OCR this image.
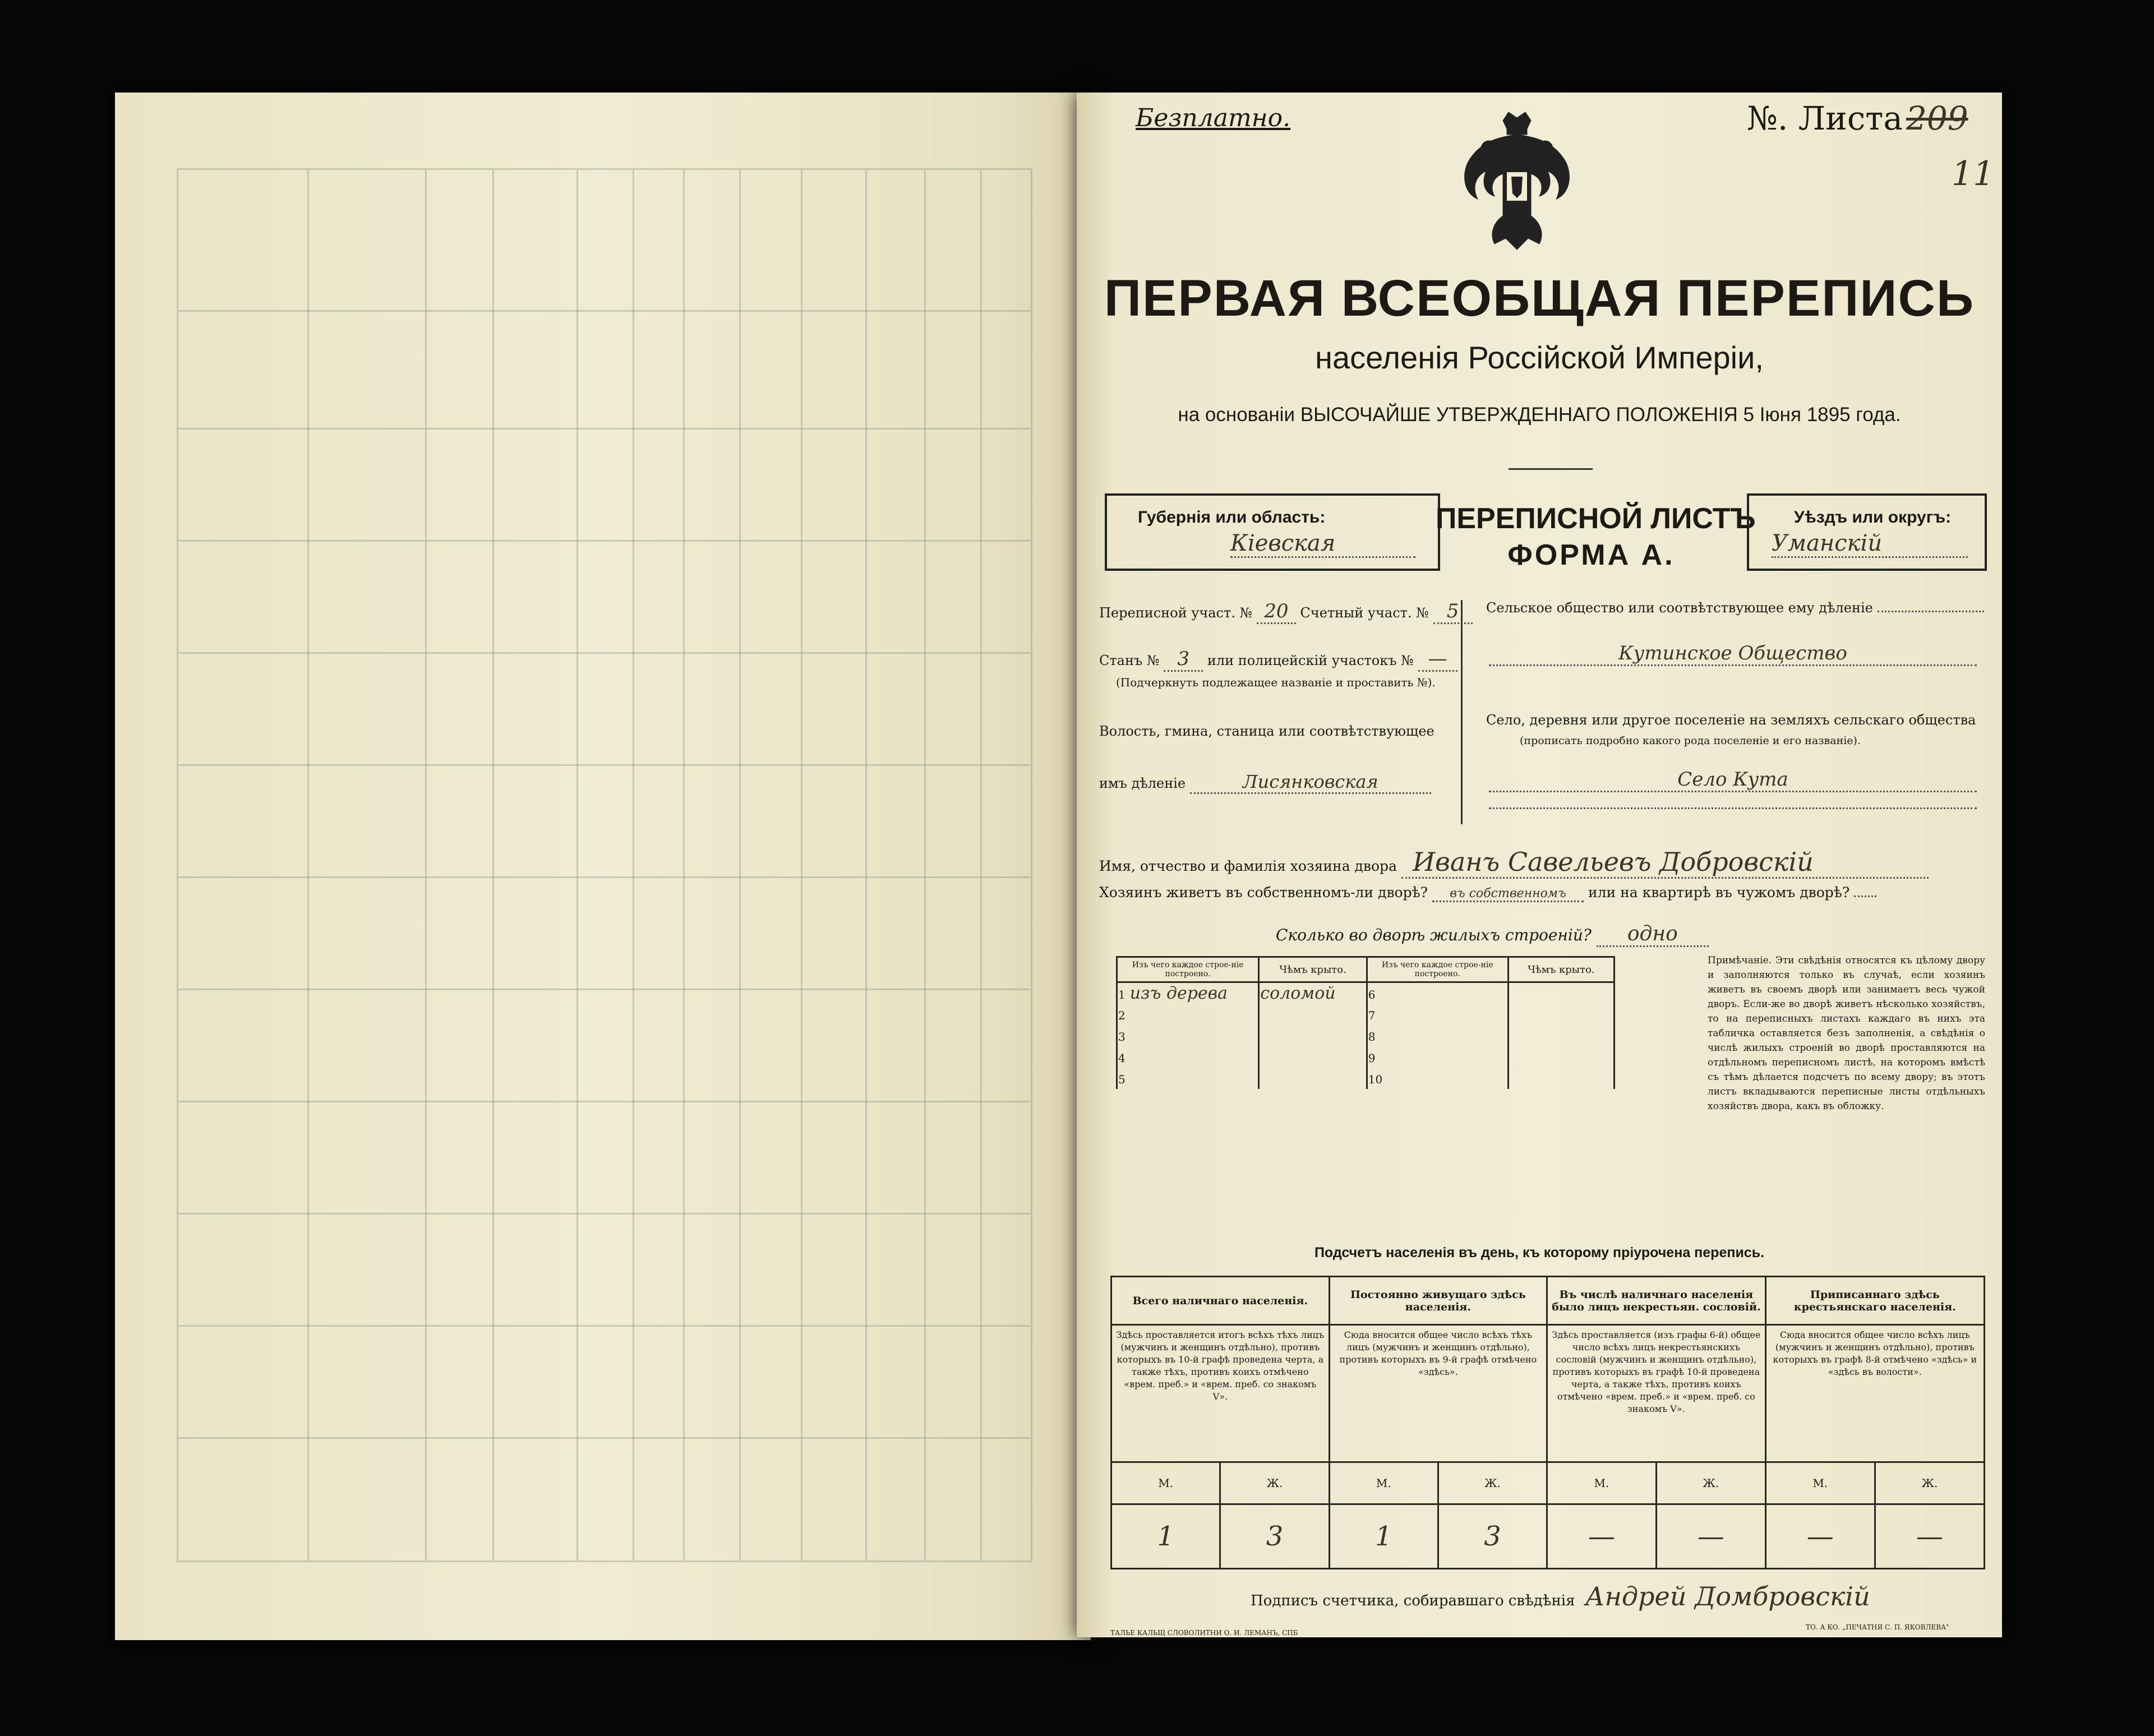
Безплатно.	№. Листа 209
11
ПЕРВАЯ ВСЕОБЩАЯ ПЕРЕПИСЬ
населенія Россійской Имперіи,
на основаніи ВЫСОЧАЙШЕ УТВЕРЖДЕННАГО ПОЛОЖЕНІЯ 5 Іюня 1895 года.
Губернія или область:
Кіевская
ПЕРЕПИСНОЙ ЛИСТЪ
ФОРМА А.
Уѣздъ или округъ:
Уманскій
Переписной участ. № 20 Счетный участ. № 5
Станъ № 3 или полицейскій участокъ № —
(Подчеркнуть подлежащее названіе и проставить №).
Волость, гмина, станица или соотвѣтствующее
имъ дѣленіе	Лисянковская
Сельское общество или соотвѣтствующее ему дѣленіе
Кутинское Общество
Село, деревня или другое поселеніе на земляхъ сельскаго общества
(прописать подробно какого рода поселеніе и его названіе).
Село Кута
Имя, отчество и фамилія хозяина двора Иванъ Савельевъ Добровскій
Хозяинъ живетъ въ собственномъ-ли дворѣ? въ собственномъ или на квартирѣ въ чужомъ дворѣ?
Сколько во дворѣ жилыхъ строеній? одно
Изъ чего каждое строе-ніе построено.	Чѣмъ крыто.	Изъ чего каждое строе-ніе построено.	Чѣмъ крыто.
1 изъ дерева	соломой	6	
2		7	
3		8	
4		9	
5		10	
Примѣчаніе. Эти свѣдѣнія относятся къ цѣлому двору и заполняются только въ случаѣ, если хозяинъ живетъ въ своемъ дворѣ или занимаетъ весь чужой дворъ. Если-же во дворѣ живетъ нѣсколько хозяйствъ, то на переписныхъ листахъ каждаго въ нихъ эта табличка оставляется безъ заполненія, а свѣдѣнія о числѣ жилыхъ строеній во дворѣ проставляются на отдѣльномъ переписномъ листѣ, на которомъ вмѣстѣ съ тѣмъ дѣлается подсчетъ по всему двору; въ этотъ листъ вкладываются переписные листы отдѣльныхъ хозяйствъ двора, какъ въ обложку.
Подсчетъ населенія въ день, къ которому пріурочена перепись.
Всего наличнаго населенія.		Постоянно живущаго здѣсь населенія.		Въ числѣ наличнаго населенія было лицъ некрестьян. сословій.		Приписаннаго здѣсь крестьянскаго населенія.	
Здѣсь проставляется итогъ всѣхъ тѣхъ лицъ (мужчинъ и женщинъ отдѣльно), противъ которыхъ въ 10-й графѣ проведена черта, а также тѣхъ, противъ коихъ отмѣчено «врем. преб.» и «врем. преб. со знакомъ V».		Сюда вносится общее число всѣхъ тѣхъ лицъ (мужчинъ и женщинъ отдѣльно), противъ которыхъ въ 9-й графѣ отмѣчено «здѣсь».		Здѣсь проставляется (изъ графы 6-й) общее число всѣхъ лицъ некрестьянскихъ сословій (мужчинъ и женщинъ отдѣльно), противъ которыхъ въ графѣ 10-й проведена черта, а также тѣхъ, противъ коихъ отмѣчено «врем. преб.» и «врем. преб. со знакомъ V».		Сюда вносится общее число всѣхъ лицъ (мужчинъ и женщинъ отдѣльно), противъ которыхъ въ графѣ 8-й отмѣчено «здѣсь» и «здѣсь въ волости».	
М.	Ж.	М.	Ж.	М.	Ж.	М.	Ж.
1	3	1	3	—	—	—	—
Подписъ счетчика, собиравшаго свѣдѣнія Андрей Домбровскій
ТАЛЬЕ КАЛЬЩ СЛОВОЛИТНИ О. И. ЛЕМАНЪ, СПБ
ТО. А КО. „ПЕЧАТНЯ С. П. ЯКОВЛЕВА"
